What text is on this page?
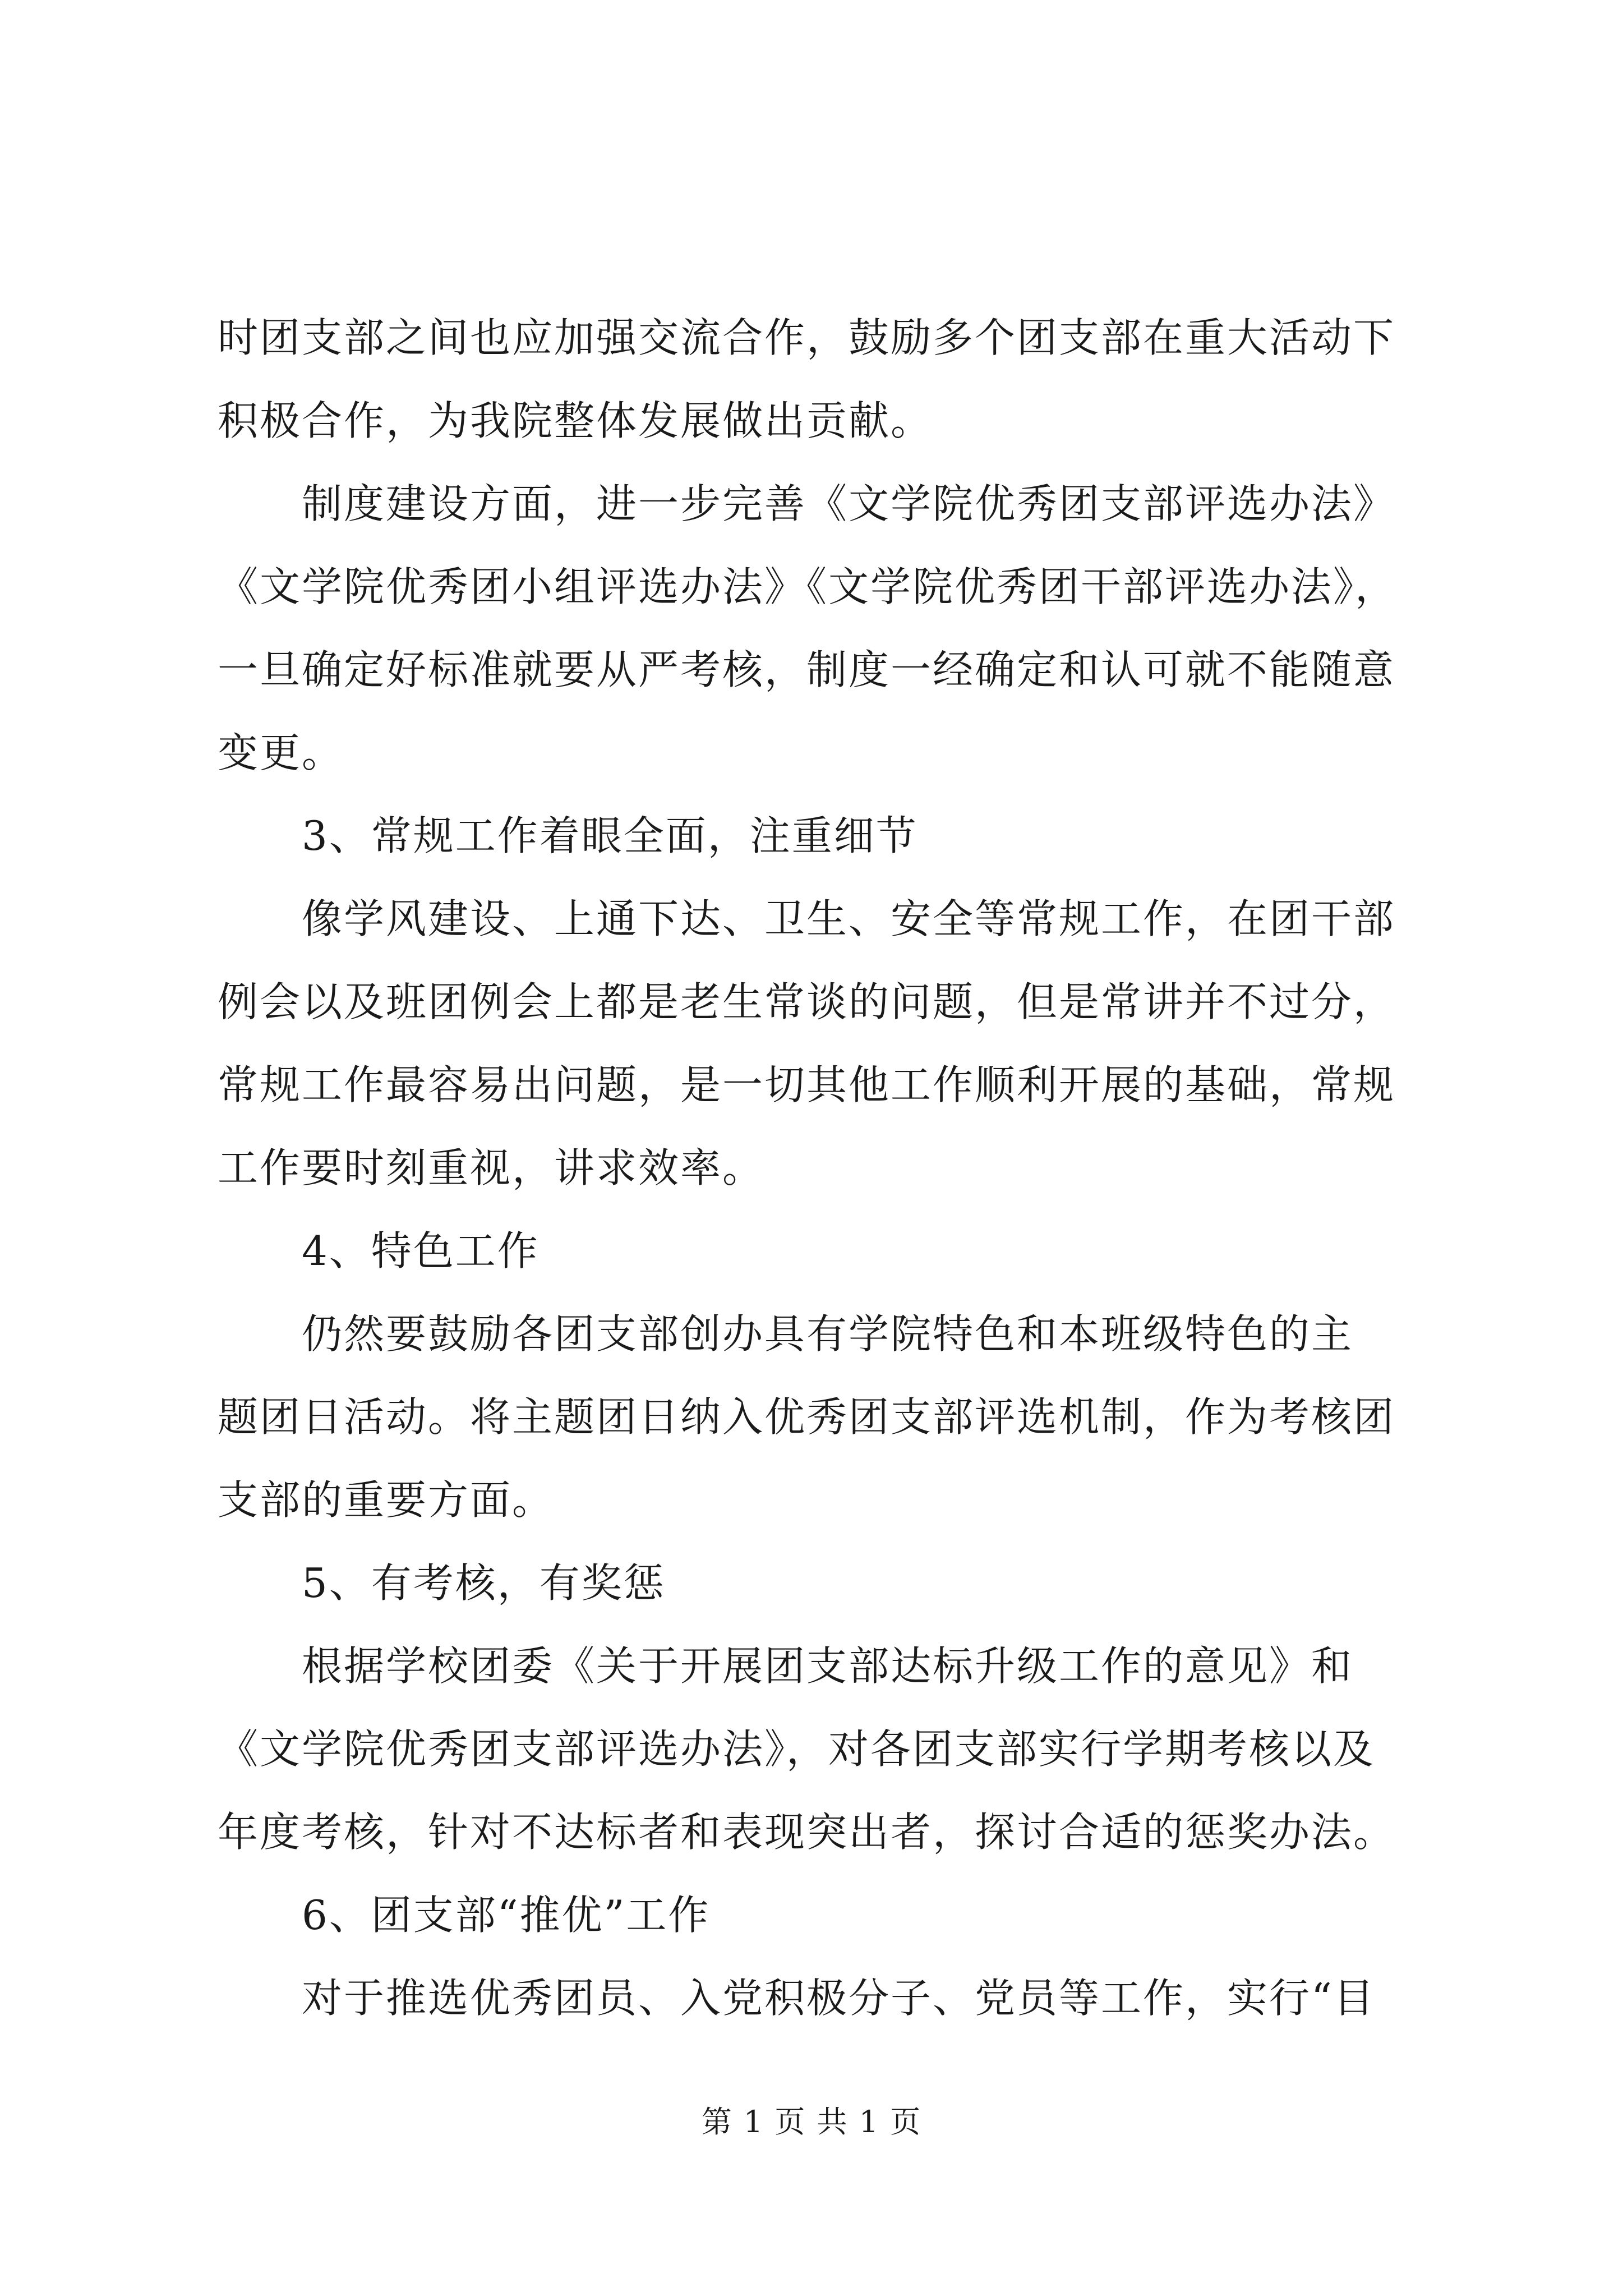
时团支部之间也应加强交流合作，鼓励多个团支部在重大活动下
积极合作，为我院整体发展做出贡献。
制度建设方面，进一步完善《文学院优秀团支部评选办法》
《文学院优秀团小组评选办法》《文学院优秀团干部评选办法》，
一旦确定好标准就要从严考核，制度一经确定和认可就不能随意
变更。
3、常规工作着眼全面，注重细节
像学风建设、上通下达、卫生、安全等常规工作，在团干部
例会以及班团例会上都是老生常谈的问题，但是常讲并不过分，
常规工作最容易出问题，是一切其他工作顺利开展的基础，常规
工作要时刻重视，讲求效率。
4、特色工作
仍然要鼓励各团支部创办具有学院特色和本班级特色的主
题团日活动。将主题团日纳入优秀团支部评选机制，作为考核团
支部的重要方面。
5、有考核，有奖惩
根据学校团委《关于开展团支部达标升级工作的意见》和
《文学院优秀团支部评选办法》，对各团支部实行学期考核以及
年度考核，针对不达标者和表现突出者，探讨合适的惩奖办法。
6、团支部“推优”工作
对于推选优秀团员、入党积极分子、党员等工作，实行“目
第 1 页 共 1 页
